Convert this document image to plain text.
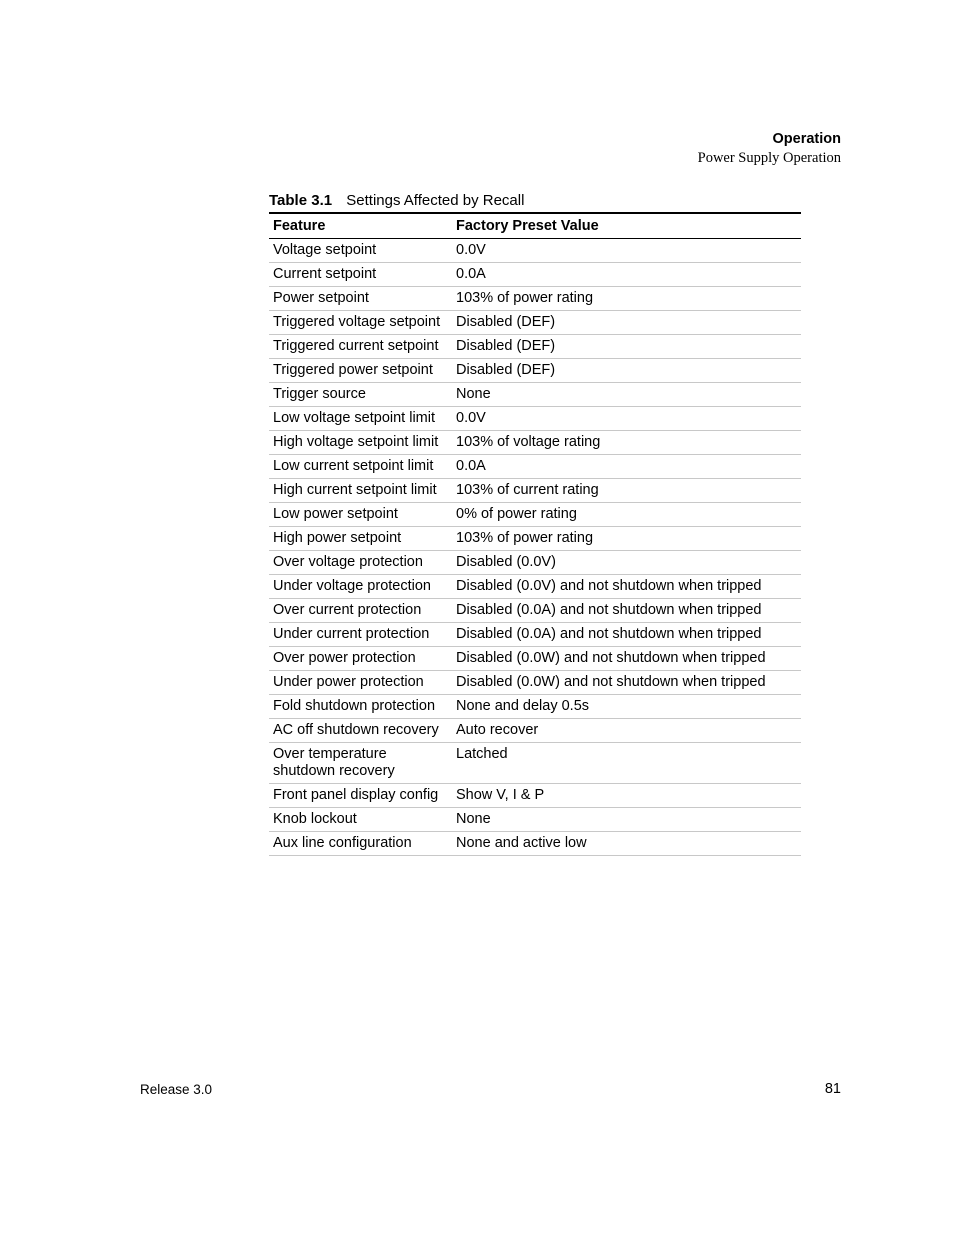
Operation
Power Supply Operation
Table 3.1 Settings Affected by Recall
Feature	Factory Preset Value
Voltage setpoint	0.0V
Current setpoint	0.0A
Power setpoint	103% of power rating
Triggered voltage setpoint	Disabled (DEF)
Triggered current setpoint	Disabled (DEF)
Triggered power setpoint	Disabled (DEF)
Trigger source	None
Low voltage setpoint limit	0.0V
High voltage setpoint limit	103% of voltage rating
Low current setpoint limit	0.0A
High current setpoint limit	103% of current rating
Low power setpoint	0% of power rating
High power setpoint	103% of power rating
Over voltage protection	Disabled (0.0V)
Under voltage protection	Disabled (0.0V) and not shutdown when tripped
Over current protection	Disabled (0.0A) and not shutdown when tripped
Under current protection	Disabled (0.0A) and not shutdown when tripped
Over power protection	Disabled (0.0W) and not shutdown when tripped
Under power protection	Disabled (0.0W) and not shutdown when tripped
Fold shutdown protection	None and delay 0.5s
AC off shutdown recovery	Auto recover
Over temperature shutdown recovery	Latched
Front panel display config	Show V, I & P
Knob lockout	None
Aux line configuration	None and active low
Release 3.0	81
